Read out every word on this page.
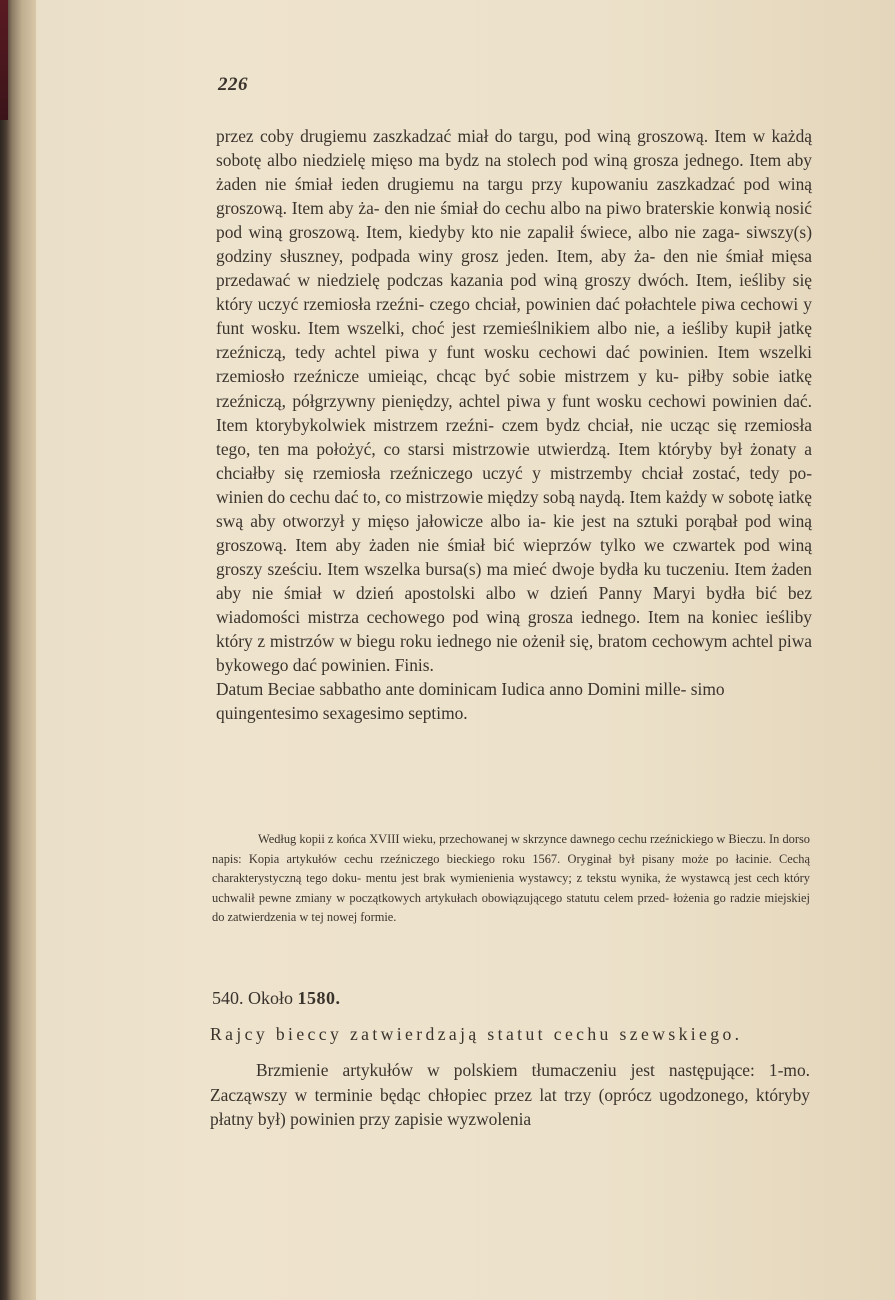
226

przez coby drugiemu zaszkadzać miał do targu, pod winą groszową. Item w każdą sobotę albo niedzielę mięso ma bydz na stolech pod winą grosza jednego. Item aby żaden nie śmiał ieden drugiemu na targu przy kupowaniu zaszkadzać pod winą groszową. Item aby ża- den nie śmiał do cechu albo na piwo braterskie konwią nosić pod winą groszową. Item, kiedyby kto nie zapalił świece, albo nie zaga- siwszy(s) godziny słuszney, podpada winy grosz jeden. Item, aby ża- den nie śmiał mięsa przedawać w niedzielę podczas kazania pod winą groszy dwóch. Item, ieśliby się który uczyć rzemiosła rzeźni- czego chciał, powinien dać połachtele piwa cechowi y funt wosku. Item wszelki, choć jest rzemieślnikiem albo nie, a ieśliby kupił jatkę rzeźniczą, tedy achtel piwa y funt wosku cechowi dać powinien. Item wszelki rzemiosło rzeźnicze umieiąc, chcąc być sobie mistrzem y ku- piłby sobie iatkę rzeźniczą, półgrzywny pieniędzy, achtel piwa y funt wosku cechowi powinien dać. Item ktorybykolwiek mistrzem rzeźni- czem bydz chciał, nie ucząc się rzemiosła tego, ten ma położyć, co starsi mistrzowie utwierdzą. Item któryby był żonaty a chciałby się rzemiosła rzeźniczego uczyć y mistrzemby chciał zostać, tedy po- winien do cechu dać to, co mistrzowie między sobą naydą. Item każdy w sobotę iatkę swą aby otworzył y mięso jałowicze albo ia- kie jest na sztuki porąbał pod winą groszową. Item aby żaden nie śmiał bić wieprzów tylko we czwartek pod winą groszy sześciu. Item wszelka bursa(s) ma mieć dwoje bydła ku tuczeniu. Item żaden aby nie śmiał w dzień apostolski albo w dzień Panny Maryi bydła bić bez wiadomości mistrza cechowego pod winą grosza iednego. Item na koniec ieśliby który z mistrzów w biegu roku iednego nie ożenił się, bratom cechowym achtel piwa bykowego dać powinien. Finis.

Datum Beciae sabbatho ante dominicam Iudica anno Domini mille- simo quingentesimo sexagesimo septimo.

Według kopii z końca XVIII wieku, przechowanej w skrzynce dawnego cechu rzeźnickiego w Bieczu. In dorso napis: Kopia artykułów cechu rzeźniczego bieckiego roku 1567. Oryginał był pisany może po łacinie. Cechą charakterystyczną tego doku- mentu jest brak wymienienia wystawcy; z tekstu wynika, że wystawcą jest cech który uchwalił pewne zmiany w początkowych artykułach obowiązującego statutu celem przed- łożenia go radzie miejskiej do zatwierdzenia w tej nowej formie.

540. Około 1580.
Rajcy bieccy zatwierdzają statut cechu szewskiego.

Brzmienie artykułów w polskiem tłumaczeniu jest następujące: 1-mo. Zacząwszy w terminie będąc chłopiec przez lat trzy (oprócz ugodzonego, któryby płatny był) powinien przy zapisie wyzwolenia
